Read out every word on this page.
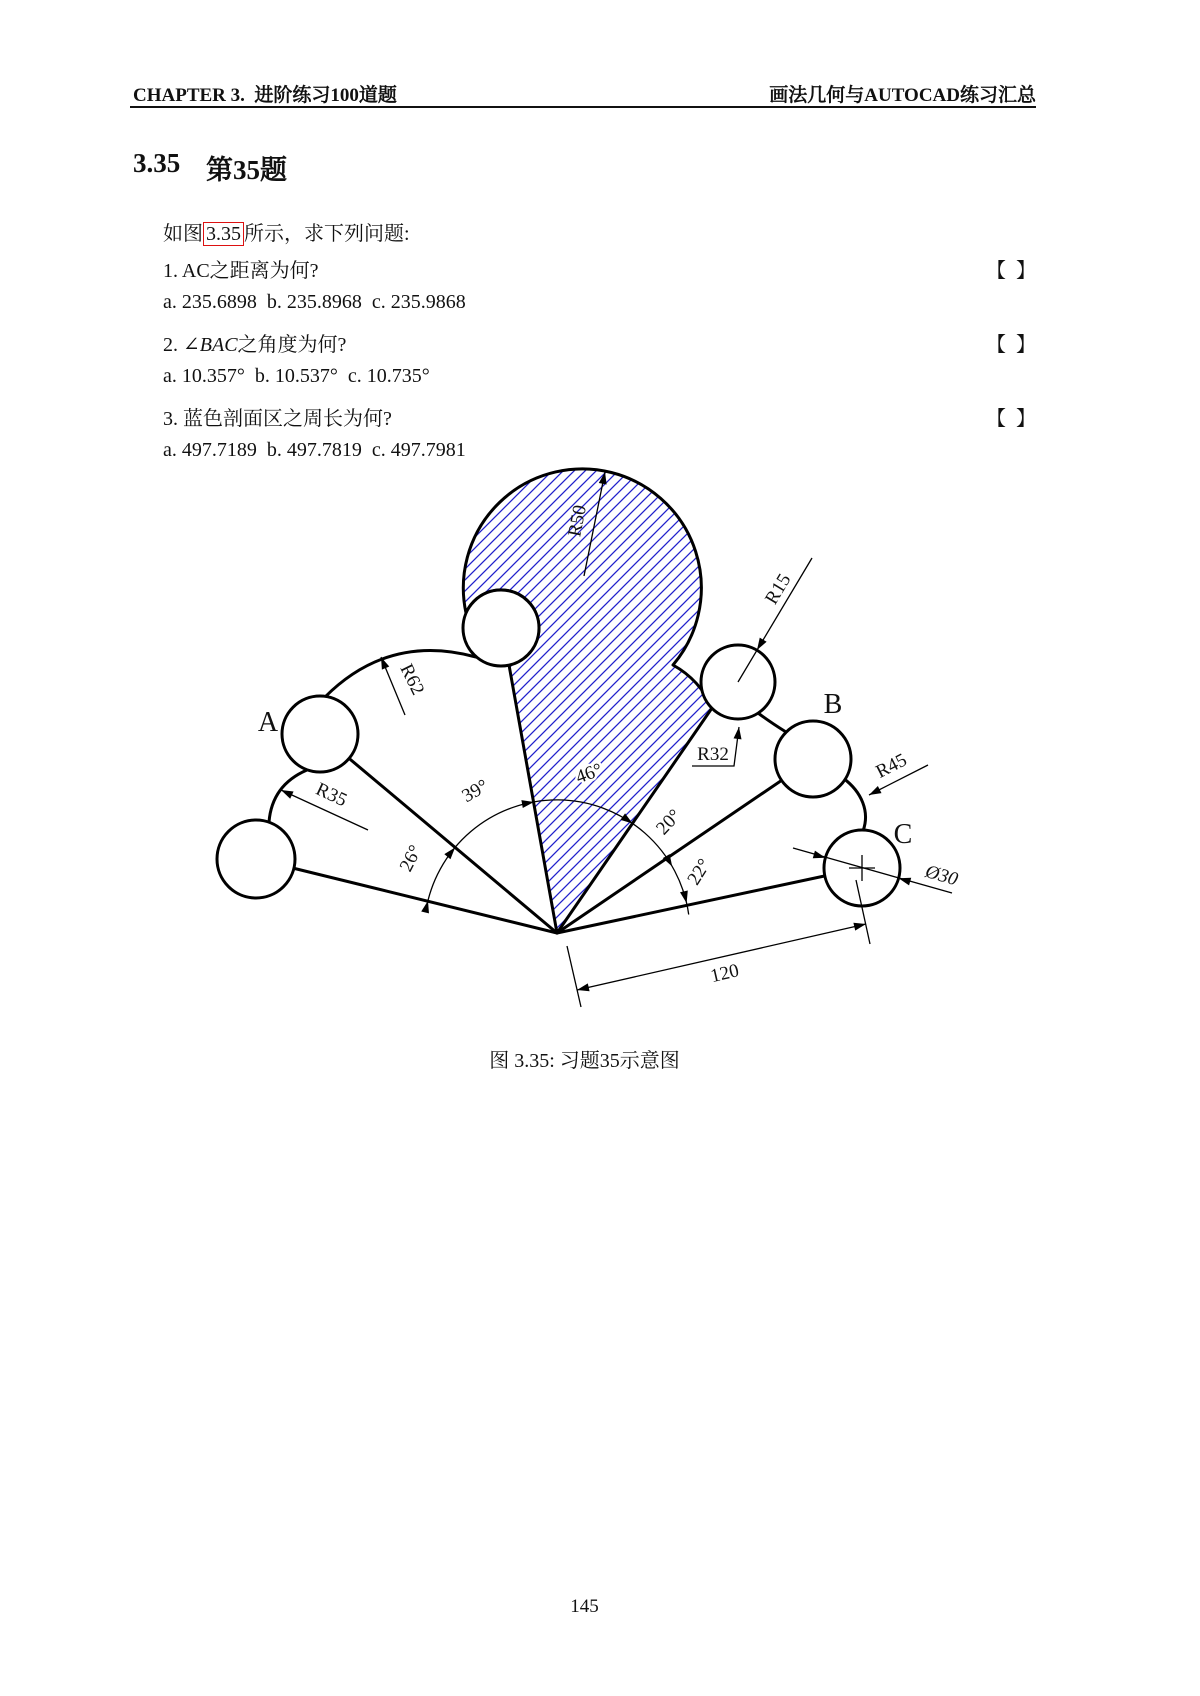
CHAPTER 3.  进阶练习100道题	画法几何与AUTOCAD练习汇总
3.35 第35题
如图 3.35 所示，求下列问题:
1. AC之距离为何?	【  】
a. 235.6898  b. 235.8968  c. 235.9868
2. ∠BAC之角度为何?	【  】
a. 10.357°  b. 10.537°  c. 10.735°
3. 蓝色剖面区之周长为何?	【  】
a. 497.7189  b. 497.7819  c. 497.7981
A
B
C
R50
R62
R35
R32
R15
R45
Ø30
120
26°
39°
46°
20°
22°
图 3.35: 习题35示意图
145
